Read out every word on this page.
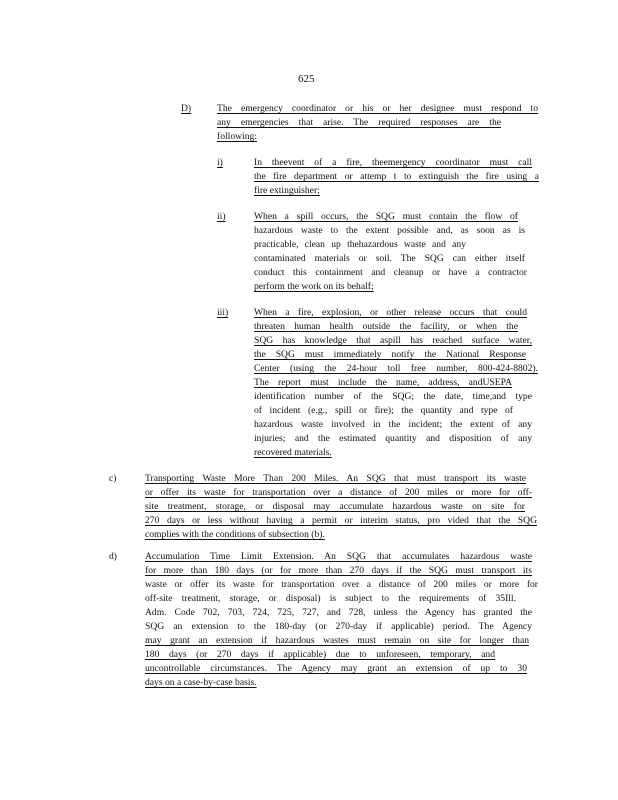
625
D)	The emergency coordinator or his or her designee must respond to
any emergencies that arise. The required responses are the
following:
i)	In theevent of a fire, theemergency coordinator must call
the fire department or attemp t to extinguish the fire using a
fire extinguisher;
ii)	When a spill occurs, the SQG must contain the flow of
hazardous waste to the extent possible and, as soon as is
practicable, clean up thehazardous waste and any
contaminated materials or soil. The SQG can either itself
conduct this containment and cleanup or have a contractor
perform the work on its behalf;
iii)	When a fire, explosion, or other release occurs that could
threaten human health outside the facility, or when the
SQG has knowledge that aspill has reached surface water,
the SQG must immediately notify the National Response
Center (using the 24-hour toll free number, 800-424-8802).
The report must include the name, address, andUSEPA
identification number of the SQG; the date, time,and type
of incident (e.g., spill or fire); the quantity and type of
hazardous waste involved in the incident; the extent of any
injuries; and the estimated quantity and disposition of any
recovered materials.
c)	Transporting Waste More Than 200 Miles. An SQG that must transport its waste
or offer its waste for transportation over a distance of 200 miles or more for off-
site treatment, storage, or disposal may accumulate hazardous waste on site for
270 days or less without having a permit or interim status, pro vided that the SQG
complies with the conditions of subsection (b).
d)	Accumulation Time Limit Extension. An SQG that accumulates hazardous waste
for more than 180 days (or for more than 270 days if the SQG must transport its
waste or offer its waste for transportation over a distance of 200 miles or more for
off-site treatment, storage, or disposal) is subject to the requirements of 35Ill.
Adm. Code 702, 703, 724, 725, 727, and 728, unless the Agency has granted the
SQG an extension to the 180-day (or 270-day if applicable) period. The Agency
may grant an extension if hazardous wastes must remain on site for longer than
180 days (or 270 days if applicable) due to unforeseen, temporary, and
uncontrollable circumstances. The Agency may grant an extension of up to 30
days on a case-by-case basis.
